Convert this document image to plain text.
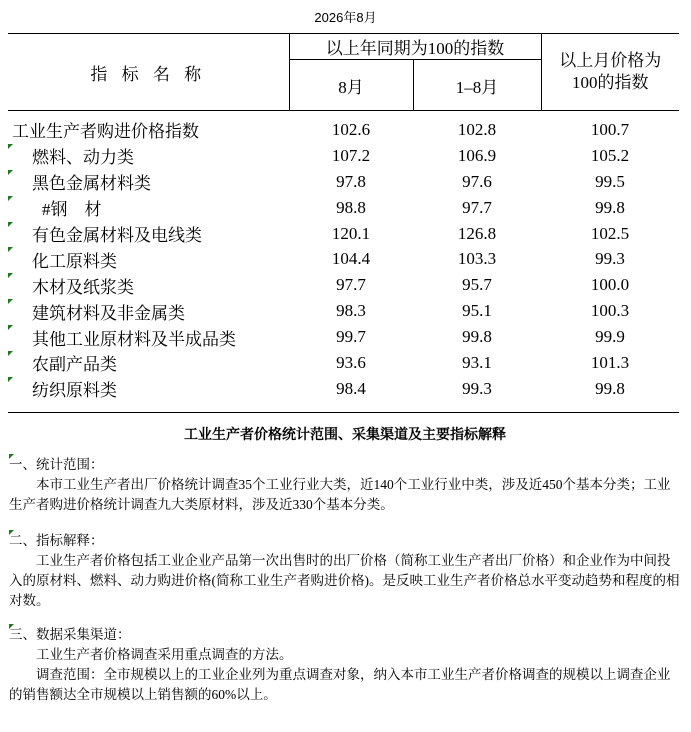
2026年8月
指 标 名 称	以上年同期为100的指数		以上月价格为
100的指数

	8月	1–8月	
工业生产者购进价格指数	102.6	102.8	100.7

燃料、动力类	107.2	106.9	105.2

黑色金属材料类	97.8	97.6	99.5

#钢　材	98.8	97.7	99.8

有色金属材料及电线类	120.1	126.8	102.5

化工原料类	104.4	103.3	99.3

木材及纸浆类	97.7	95.7	100.0

建筑材料及非金属类	98.3	95.1	100.3

其他工业原材料及半成品类	99.7	99.8	99.9

农副产品类	93.6	93.1	101.3

纺织原料类	98.4	99.3	99.8
工业生产者价格统计范围、采集渠道及主要指标解释

一、统计范围：

本市工业生产者出厂价格统计调查35个工业行业大类，近140个工业行业中类，涉及近450个基本分类；工业生产者购进价格统计调查九大类原材料，涉及近330个基本分类。

二、指标解释：

工业生产者价格包括工业企业产品第一次出售时的出厂价格（简称工业生产者出厂价格）和企业作为中间投入的原材料、燃料、动力购进价格(简称工业生产者购进价格)。是反映工业生产者价格总水平变动趋势和程度的相对数。

三、数据采集渠道：

工业生产者价格调查采用重点调查的方法。

调查范围：全市规模以上的工业企业列为重点调查对象，纳入本市工业生产者价格调查的规模以上调查企业的销售额达全市规模以上销售额的60%以上。
